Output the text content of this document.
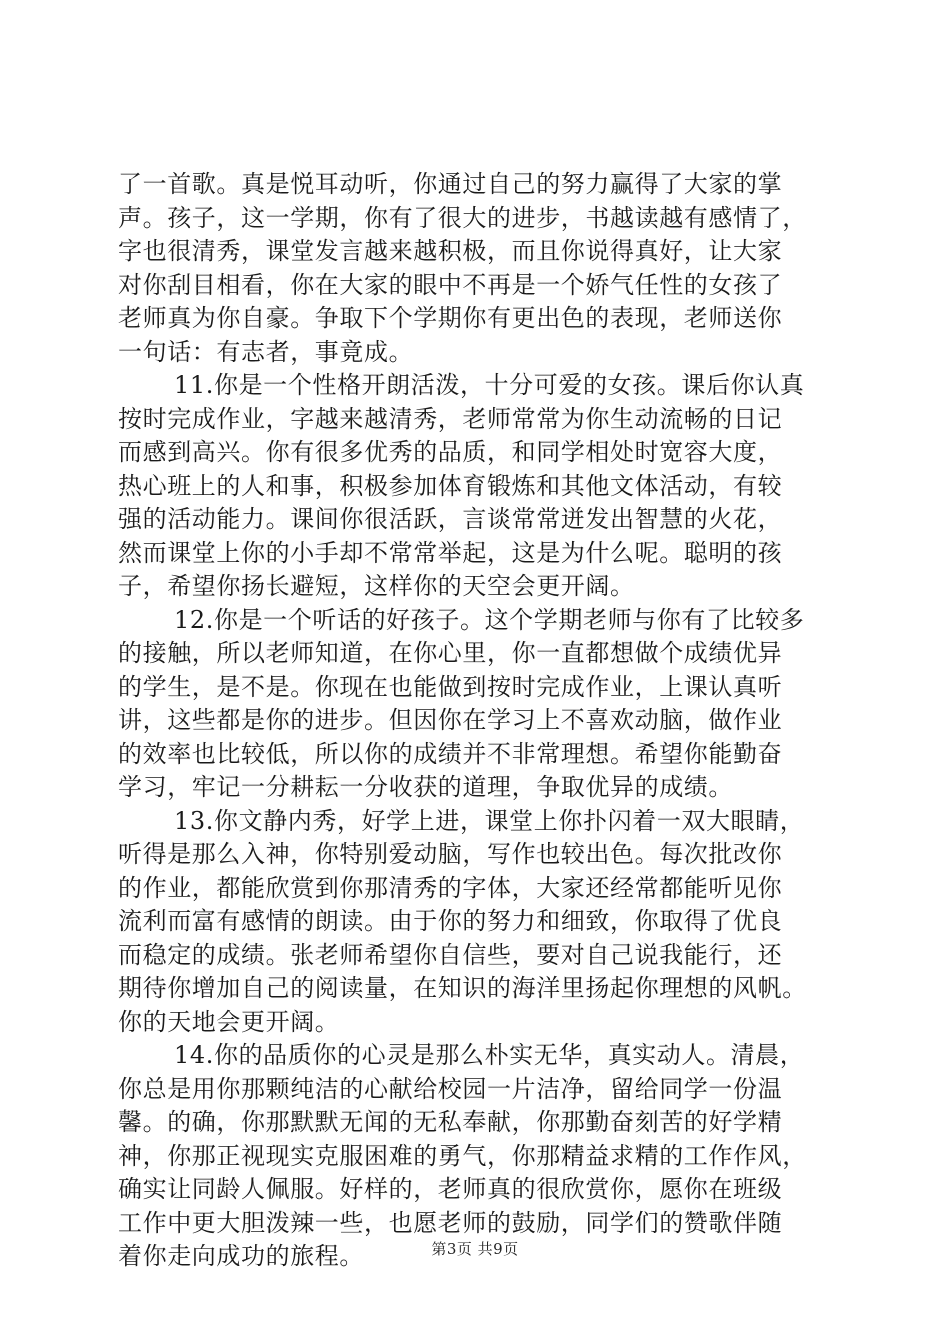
了一首歌。真是悦耳动听，你通过自己的努力赢得了大家的掌
声。孩子，这一学期，你有了很大的进步，书越读越有感情了，
字也很清秀，课堂发言越来越积极，而且你说得真好，让大家
对你刮目相看，你在大家的眼中不再是一个娇气任性的女孩了
老师真为你自豪。争取下个学期你有更出色的表现，老师送你
一句话：有志者，事竟成。
11.你是一个性格开朗活泼，十分可爱的女孩。课后你认真
按时完成作业，字越来越清秀，老师常常为你生动流畅的日记
而感到高兴。你有很多优秀的品质，和同学相处时宽容大度，
热心班上的人和事，积极参加体育锻炼和其他文体活动，有较
强的活动能力。课间你很活跃，言谈常常迸发出智慧的火花，
然而课堂上你的小手却不常常举起，这是为什么呢。聪明的孩
子，希望你扬长避短，这样你的天空会更开阔。
12.你是一个听话的好孩子。这个学期老师与你有了比较多
的接触，所以老师知道，在你心里，你一直都想做个成绩优异
的学生，是不是。你现在也能做到按时完成作业，上课认真听
讲，这些都是你的进步。但因你在学习上不喜欢动脑，做作业
的效率也比较低，所以你的成绩并不非常理想。希望你能勤奋
学习，牢记一分耕耘一分收获的道理，争取优异的成绩。
13.你文静内秀，好学上进，课堂上你扑闪着一双大眼睛，
听得是那么入神，你特别爱动脑，写作也较出色。每次批改你
的作业，都能欣赏到你那清秀的字体，大家还经常都能听见你
流利而富有感情的朗读。由于你的努力和细致，你取得了优良
而稳定的成绩。张老师希望你自信些，要对自己说我能行，还
期待你增加自己的阅读量，在知识的海洋里扬起你理想的风帆。
你的天地会更开阔。
14.你的品质你的心灵是那么朴实无华，真实动人。清晨，
你总是用你那颗纯洁的心献给校园一片洁净，留给同学一份温
馨。的确，你那默默无闻的无私奉献，你那勤奋刻苦的好学精
神，你那正视现实克服困难的勇气，你那精益求精的工作作风，
确实让同龄人佩服。好样的，老师真的很欣赏你，愿你在班级
工作中更大胆泼辣一些，也愿老师的鼓励，同学们的赞歌伴随
着你走向成功的旅程。	第3页 共9页
